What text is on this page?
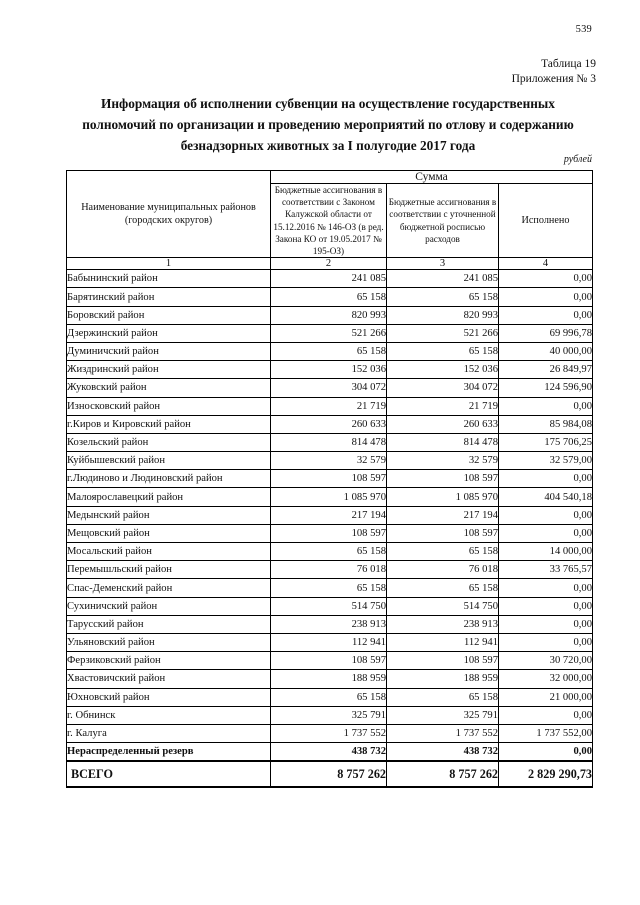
539
Таблица 19
Приложения № 3
Информация об исполнении субвенции на осуществление государственных полномочий по организации и проведению мероприятий по отлову и содержанию безнадзорных животных за I полугодие 2017 года
рублей
Наименование муниципальных районов (городских округов)	Сумма		
	Бюджетные ассигнования в соответствии с Законом Калужской области от 15.12.2016 № 146-ОЗ (в ред. Закона КО от 19.05.2017 № 195-ОЗ)	Бюджетные ассигнования в соответствии с уточненной бюджетной росписью расходов	Исполнено
1	2	3	4
Бабынинский район	241 085	241 085	0,00
Барятинский район	65 158	65 158	0,00
Боровский район	820 993	820 993	0,00
Дзержинский район	521 266	521 266	69 996,78
Думиничский район	65 158	65 158	40 000,00
Жиздринский район	152 036	152 036	26 849,97
Жуковский район	304 072	304 072	124 596,90
Износковский район	21 719	21 719	0,00
г.Киров и Кировский район	260 633	260 633	85 984,08
Козельский район	814 478	814 478	175 706,25
Куйбышевский район	32 579	32 579	32 579,00
г.Людиново и Людиновский район	108 597	108 597	0,00
Малоярославецкий район	1 085 970	1 085 970	404 540,18
Медынский район	217 194	217 194	0,00
Мещовский район	108 597	108 597	0,00
Мосальский район	65 158	65 158	14 000,00
Перемышльский район	76 018	76 018	33 765,57
Спас-Деменский район	65 158	65 158	0,00
Сухиничский район	514 750	514 750	0,00
Тарусский район	238 913	238 913	0,00
Ульяновский район	112 941	112 941	0,00
Ферзиковский район	108 597	108 597	30 720,00
Хвастовичский район	188 959	188 959	32 000,00
Юхновский район	65 158	65 158	21 000,00
г. Обнинск	325 791	325 791	0,00
г. Калуга	1 737 552	1 737 552	1 737 552,00
Нераспределенный резерв	438 732	438 732	0,00
ВСЕГО	8 757 262	8 757 262	2 829 290,73
